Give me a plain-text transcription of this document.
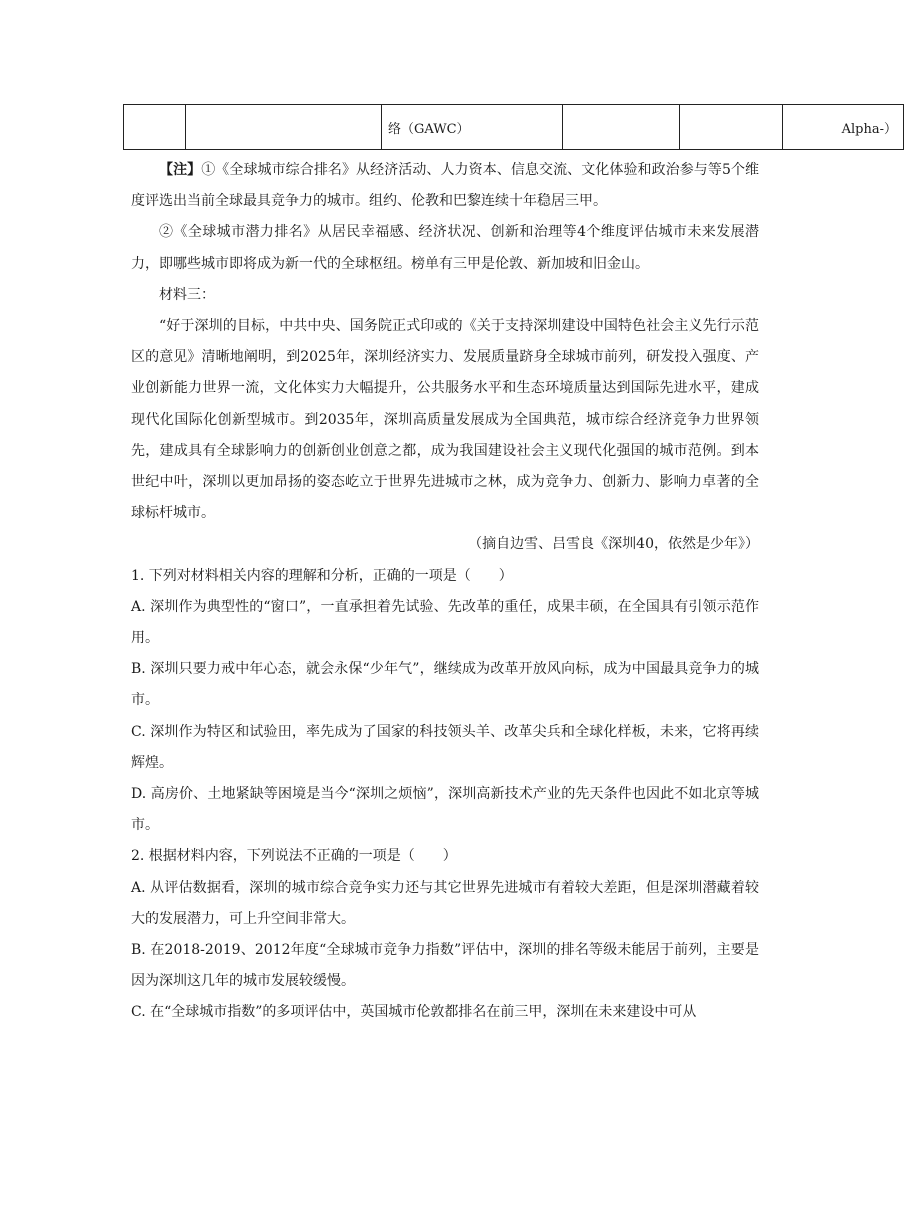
		络（GAWC）			Alpha-）

【注】①《全球城市综合排名》从经济活动、人力资本、信息交流、文化体验和政治参与等5个维度评选出当前全球最具竞争力的城市。组约、伦教和巴黎连续十年稳居三甲。

②《全球城市潜力排名》从居民幸福感、经济状况、创新和治理等4个维度评估城市未来发展潜力，即哪些城市即将成为新一代的全球枢纽。榜单有三甲是伦敦、新加坡和旧金山。

材料三：

“好于深圳的目标，中共中央、国务院正式印或的《关于支持深圳建设中国特色社会主义先行示范区的意见》清晰地阐明，到2025年，深圳经济实力、发展质量跻身全球城市前列，研发投入强度、产业创新能力世界一流，文化体实力大幅提升，公共服务水平和生态环境质量达到国际先进水平，建成现代化国际化创新型城市。到2035年，深圳高质量发展成为全国典范，城市综合经济竞争力世界领先，建成具有全球影响力的创新创业创意之都，成为我国建设社会主义现代化强国的城市范例。到本世纪中叶，深圳以更加昂扬的姿态屹立于世界先进城市之林，成为竞争力、创新力、影响力卓著的全球标杆城市。

（摘自边雪、吕雪良《深圳40，依然是少年》）

1. 下列对材料相关内容的理解和分析，正确的一项是（　　）

A. 深圳作为典型性的“窗口”，一直承担着先试验、先改革的重任，成果丰硕，在全国具有引领示范作用。

B. 深圳只要力戒中年心态，就会永保“少年气”，继续成为改革开放风向标，成为中国最具竞争力的城市。

C. 深圳作为特区和试验田，率先成为了国家的科技领头羊、改革尖兵和全球化样板，未来，它将再续辉煌。

D. 高房价、土地紧缺等困境是当今“深圳之烦恼”，深圳高新技术产业的先天条件也因此不如北京等城市。

2. 根据材料内容，下列说法不正确的一项是（　　）

A. 从评估数据看，深圳的城市综合竞争实力还与其它世界先进城市有着较大差距，但是深圳潜藏着较大的发展潜力，可上升空间非常大。

B. 在2018-2019、2012年度“全球城市竞争力指数”评估中，深圳的排名等级未能居于前列，主要是因为深圳这几年的城市发展较缓慢。

C. 在“全球城市指数”的多项评估中，英国城市伦敦都排名在前三甲，深圳在未来建设中可从
